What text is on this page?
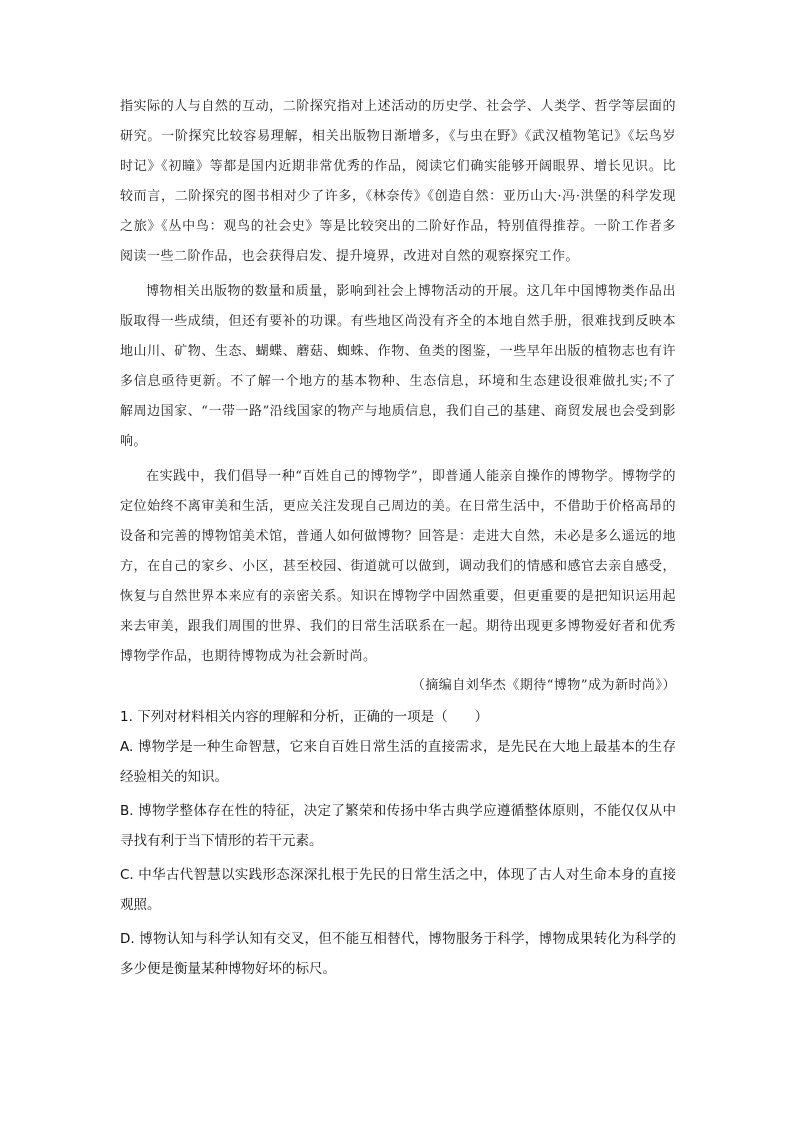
指实际的人与自然的互动，二阶探究指对上述活动的历史学、社会学、人类学、哲学等层面的研究。一阶探究比较容易理解，相关出版物日渐增多，《与虫在野》《武汉植物笔记》《坛鸟岁时记》《初瞳》等都是国内近期非常优秀的作品，阅读它们确实能够开阔眼界、增长见识。比较而言，二阶探究的图书相对少了许多，《林奈传》《创造自然：亚历山大·冯·洪堡的科学发现之旅》《丛中鸟：观鸟的社会史》等是比较突出的二阶好作品，特别值得推荐。一阶工作者多阅读一些二阶作品，也会获得启发、提升境界，改进对自然的观察探究工作。

博物相关出版物的数量和质量，影响到社会上博物活动的开展。这几年中国博物类作品出版取得一些成绩，但还有要补的功课。有些地区尚没有齐全的本地自然手册，很难找到反映本地山川、矿物、生态、蝴蝶、蘑菇、蜘蛛、作物、鱼类的图鉴，一些早年出版的植物志也有许多信息亟待更新。不了解一个地方的基本物种、生态信息，环境和生态建设很难做扎实;不了解周边国家、“一带一路”沿线国家的物产与地质信息，我们自己的基建、商贸发展也会受到影响。

在实践中，我们倡导一种“百姓自己的博物学”，即普通人能亲自操作的博物学。博物学的定位始终不离审美和生活，更应关注发现自己周边的美。在日常生活中，不借助于价格高昂的设备和完善的博物馆美术馆，普通人如何做博物？回答是：走进大自然，未必是多么遥远的地方，在自己的家乡、小区，甚至校园、街道就可以做到，调动我们的情感和感官去亲自感受，恢复与自然世界本来应有的亲密关系。知识在博物学中固然重要，但更重要的是把知识运用起来去审美，跟我们周围的世界、我们的日常生活联系在一起。期待出现更多博物爱好者和优秀博物学作品，也期待博物成为社会新时尚。

（摘编自刘华杰《期待“博物”成为新时尚》）

1. 下列对材料相关内容的理解和分析，正确的一项是（　　）

A. 博物学是一种生命智慧，它来自百姓日常生活的直接需求，是先民在大地上最基本的生存经验相关的知识。

B. 博物学整体存在性的特征，决定了繁荣和传扬中华古典学应遵循整体原则，不能仅仅从中寻找有利于当下情形的若干元素。

C. 中华古代智慧以实践形态深深扎根于先民的日常生活之中，体现了古人对生命本身的直接观照。

D. 博物认知与科学认知有交叉，但不能互相替代，博物服务于科学，博物成果转化为科学的多少便是衡量某种博物好坏的标尺。
